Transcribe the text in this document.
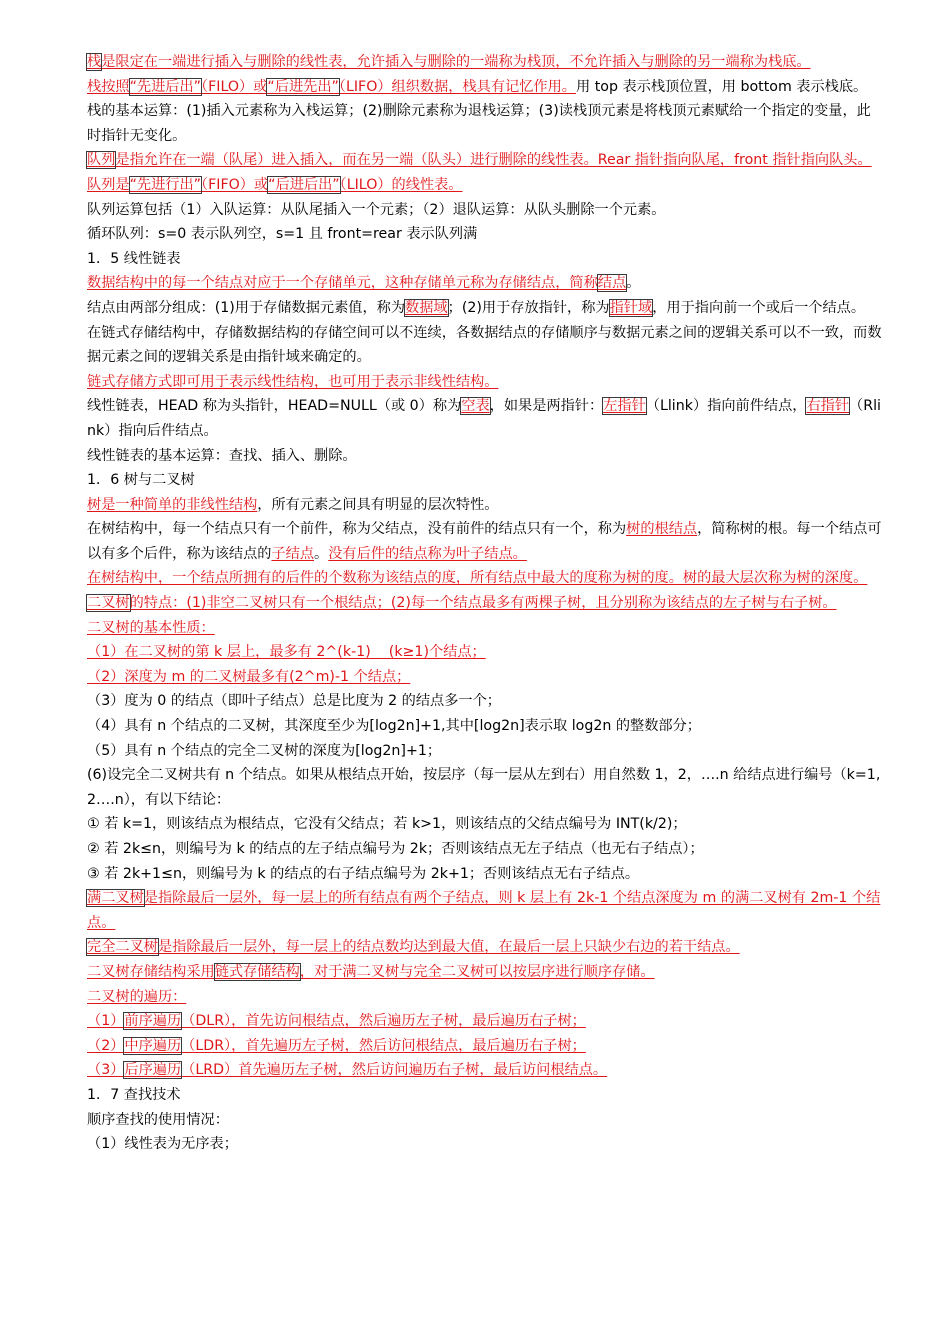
栈是限定在一端进行插入与删除的线性表，允许插入与删除的一端称为栈顶，不允许插入与删除的另一端称为栈底。

栈按照“先进后出”（FILO）或“后进先出”（LIFO）组织数据，栈具有记忆作用。用 top 表示栈顶位置，用 bottom 表示栈底。

栈的基本运算：(1)插入元素称为入栈运算；(2)删除元素称为退栈运算；(3)读栈顶元素是将栈顶元素赋给一个指定的变量，此时指针无变化。

队列是指允许在一端（队尾）进入插入，而在另一端（队头）进行删除的线性表。Rear 指针指向队尾，front 指针指向队头。

队列是“先进行出”（FIFO）或“后进后出”（LILO）的线性表。

队列运算包括（1）入队运算：从队尾插入一个元素；（2）退队运算：从队头删除一个元素。

循环队列：s=0 表示队列空，s=1 且 front=rear 表示队列满

1．5 线性链表

数据结构中的每一个结点对应于一个存储单元，这种存储单元称为存储结点，简称结点。

结点由两部分组成：(1)用于存储数据元素值，称为数据域；(2)用于存放指针，称为指针域，用于指向前一个或后一个结点。

在链式存储结构中，存储数据结构的存储空间可以不连续，各数据结点的存储顺序与数据元素之间的逻辑关系可以不一致，而数据元素之间的逻辑关系是由指针域来确定的。

链式存储方式即可用于表示线性结构，也可用于表示非线性结构。

线性链表，HEAD 称为头指针，HEAD=NULL（或 0）称为空表，如果是两指针：左指针（Llink）指向前件结点，右指针（Rlink）指向后件结点。

线性链表的基本运算：查找、插入、删除。

1．6 树与二叉树

树是一种简单的非线性结构，所有元素之间具有明显的层次特性。

在树结构中，每一个结点只有一个前件，称为父结点，没有前件的结点只有一个，称为树的根结点，简称树的根。每一个结点可以有多个后件，称为该结点的子结点。没有后件的结点称为叶子结点。

在树结构中，一个结点所拥有的后件的个数称为该结点的度，所有结点中最大的度称为树的度。树的最大层次称为树的深度。

二叉树的特点：(1)非空二叉树只有一个根结点；(2)每一个结点最多有两棵子树，且分别称为该结点的左子树与右子树。

二叉树的基本性质：

（1）在二叉树的第 k 层上，最多有 2^(k-1)    (k≥1)个结点；

（2）深度为 m 的二叉树最多有(2^m)-1 个结点；

（3）度为 0 的结点（即叶子结点）总是比度为 2 的结点多一个；

（4）具有 n 个结点的二叉树，其深度至少为[log2n]+1,其中[log2n]表示取 log2n 的整数部分；

（5）具有 n 个结点的完全二叉树的深度为[log2n]+1；

(6)设完全二叉树共有 n 个结点。如果从根结点开始，按层序（每一层从左到右）用自然数 1，2，….n 给结点进行编号（k=1,2….n），有以下结论：

① 若 k=1，则该结点为根结点，它没有父结点；若 k>1，则该结点的父结点编号为 INT(k/2)；

② 若 2k≤n，则编号为 k 的结点的左子结点编号为 2k；否则该结点无左子结点（也无右子结点）；

③ 若 2k+1≤n，则编号为 k 的结点的右子结点编号为 2k+1；否则该结点无右子结点。

满二叉树是指除最后一层外，每一层上的所有结点有两个子结点，则 k 层上有 2k-1 个结点深度为 m 的满二叉树有 2m-1 个结点。

完全二叉树是指除最后一层外，每一层上的结点数均达到最大值，在最后一层上只缺少右边的若干结点。

二叉树存储结构采用链式存储结构，对于满二叉树与完全二叉树可以按层序进行顺序存储。

二叉树的遍历：

（1）前序遍历（DLR），首先访问根结点，然后遍历左子树，最后遍历右子树；

（2）中序遍历（LDR），首先遍历左子树，然后访问根结点，最后遍历右子树；

（3）后序遍历（LRD）首先遍历左子树，然后访问遍历右子树，最后访问根结点。

1．7 查找技术

顺序查找的使用情况：

（1）线性表为无序表；
